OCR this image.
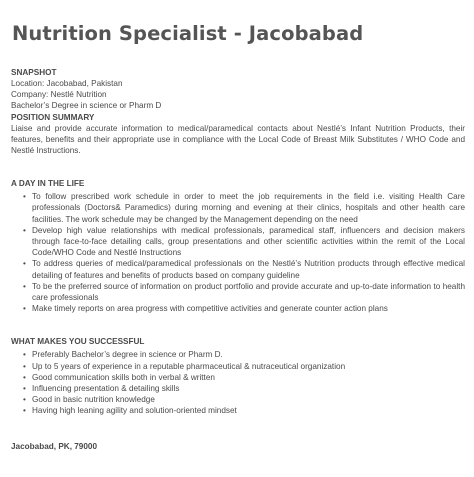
Nutrition Specialist - Jacobabad
SNAPSHOT
Location: Jacobabad, Pakistan
Company: Nestlé Nutrition
Bachelor’s Degree in science or Pharm D
POSITION SUMMARY
Liaise and provide accurate information to medical/paramedical contacts about Nestlé’s Infant Nutrition Products, their features, benefits and their appropriate use in compliance with the Local Code of Breast Milk Substitutes / WHO Code and Nestlé Instructions.
A DAY IN THE LIFE
• To follow prescribed work schedule in order to meet the job requirements in the field i.e. visiting Health Care professionals (Doctors& Paramedics) during morning and evening at their clinics, hospitals and other health care facilities. The work schedule may be changed by the Management depending on the need
• Develop high value relationships with medical professionals, paramedical staff, influencers and decision makers through face-to-face detailing calls, group presentations and other scientific activities within the remit of the Local Code/WHO Code and Nestlé Instructions
• To address queries of medical/paramedical professionals on the Nestlé’s Nutrition products through effective medical detailing of features and benefits of products based on company guideline
• To be the preferred source of information on product portfolio and provide accurate and up-to-date information to health care professionals
• Make timely reports on area progress with competitive activities and generate counter action plans
WHAT MAKES YOU SUCCESSFUL
• Preferably Bachelor’s degree in science or Pharm D.
• Up to 5 years of experience in a reputable pharmaceutical & nutraceutical organization
• Good communication skills both in verbal & written
• Influencing presentation & detailing skills
• Good in basic nutrition knowledge
• Having high leaning agility and solution-oriented mindset
Jacobabad, PK, 79000
